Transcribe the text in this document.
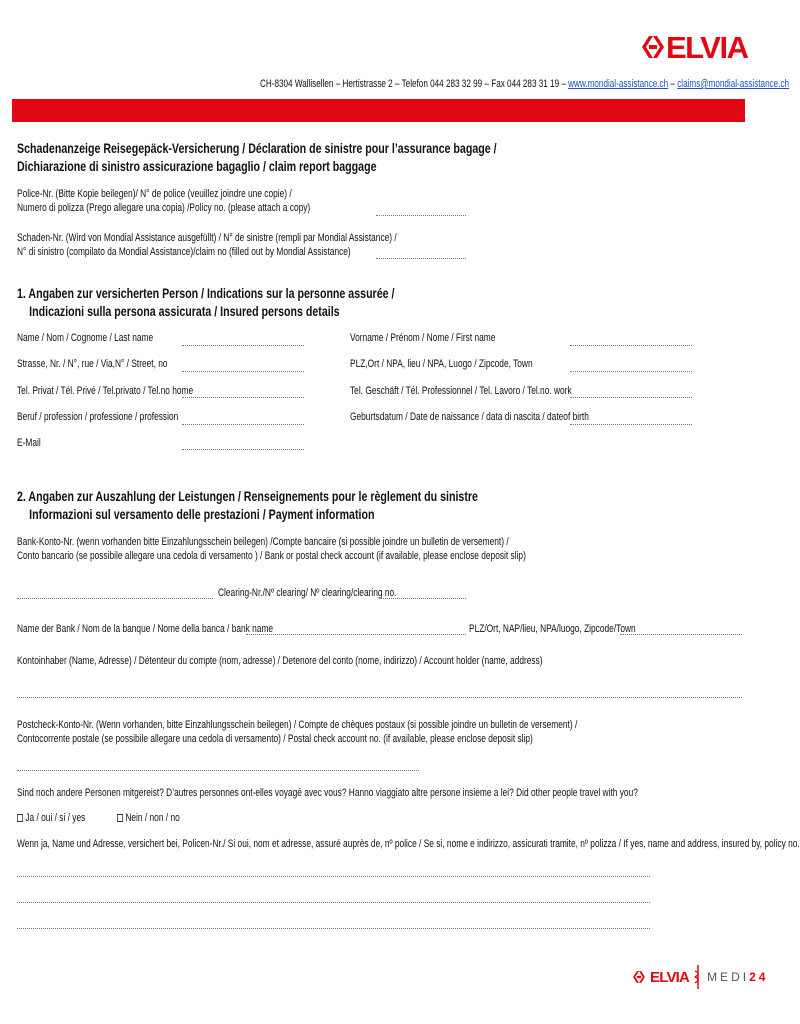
ELVIA
CH-8304 Wallisellen – Hertistrasse 2 – Telefon 044 283 32 99 – Fax 044 283 31 19 – www.mondial-assistance.ch – claims@mondial-assistance.ch
Schadenanzeige Reisegepäck-Versicherung / Déclaration de sinistre pour l’assurance bagage /
Dichiarazione di sinistro assicurazione bagaglio / claim report baggage
Police-Nr. (Bitte Kopie beilegen)/ N° de police (veuillez joindre une copie) /
Numero di polizza (Prego allegare una copia) /Policy no. (please attach a copy)
Schaden-Nr. (Wird von Mondial Assistance ausgefüllt) / N° de sinistre (rempli par Mondial Assistance) /
N° di sinistro (compilato da Mondial Assistance)/claim no (filled out by Mondial Assistance)
1. Angaben zur versicherten Person / Indications sur la personne assurée /
Indicazioni sulla persona assicurata / Insured persons details
Name / Nom / Cognome / Last name	Vorname / Prénom / Nome / First name
Strasse, Nr. / N°, rue / Via,N° / Street, no	PLZ,Ort / NPA, lieu / NPA, Luogo / Zipcode, Town
Tel. Privat / Tél. Privé / Tel.privato / Tel.no home	Tel. Geschäft / Tél. Professionnel / Tel. Lavoro / Tel.no. work
Beruf / profession / professione / profession	Geburtsdatum / Date de naissance / data di nascita / dateof birth
E-Mail
2. Angaben zur Auszahlung der Leistungen / Renseignements pour le règlement du sinistre
Informazioni sul versamento delle prestazioni / Payment information
Bank-Konto-Nr. (wenn vorhanden bitte Einzahlungsschein beilegen) /Compte bancaire (si possible joindre un bulletin de versement) /
Conto bancario (se possibile allegare una cedola di versamento ) / Bank or postal check account (if available, please enclose deposit slip)
Clearing-Nr./Nº clearing/ Nº clearing/clearing no.
Name der Bank / Nom de la banque / Nome della banca / bank name	PLZ/Ort, NAP/lieu, NPA/luogo, Zipcode/Town
Kontoinhaber (Name, Adresse) / Détenteur du compte (nom, adresse) / Detenore del conto (nome, indirizzo) / Account holder (name, address)
Postcheck-Konto-Nr. (Wenn vorhanden, bitte Einzahlungsschein beilegen) / Compte de chèques postaux (si possible joindre un bulletin de versement) /
Contocorrente postale (se possibile allegare una cedola di versamento) / Postal check account no. (if available, please enclose deposit slip)
Sind noch andere Personen mitgereist? D’autres personnes ont-elles voyagé avec vous? Hanno viaggiato altre persone insieme a lei? Did other people travel with you?
Ja / oui / si / yes	Nein / non / no
Wenn ja, Name und Adresse, versichert bei, Policen-Nr./ Si oui, nom et adresse, assuré auprès de, nº police / Se si, nome e indirizzo, assicurati tramite, nº polizza / If yes, name and address, insured by, policy no.
ELVIA MEDI24
